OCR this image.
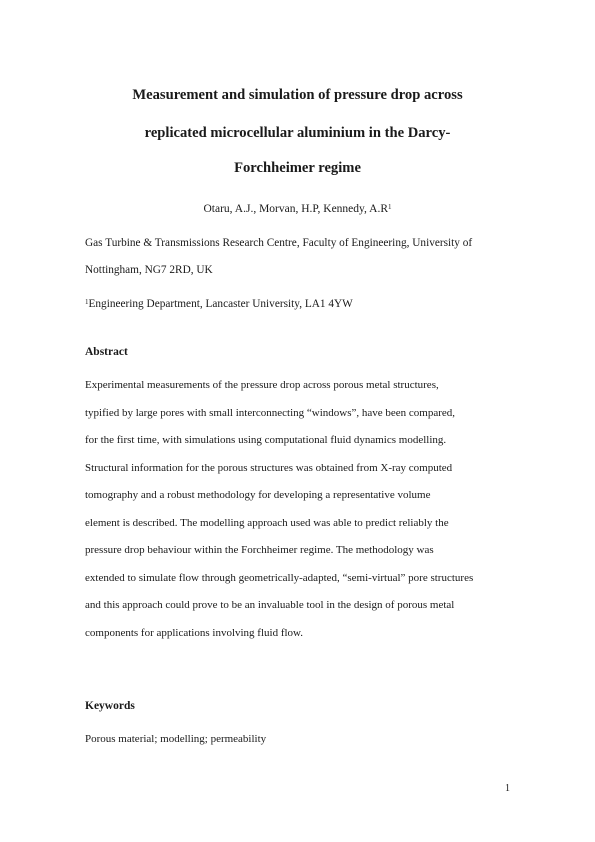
Measurement and simulation of pressure drop across
replicated microcellular aluminium in the Darcy-
Forchheimer regime
Otaru, A.J., Morvan, H.P, Kennedy, $A.R^1$
Gas Turbine & Transmissions Research Centre, Faculty of Engineering, University of
Nottingham, NG7 2RD, UK
$^1$Engineering Department, Lancaster University, LA1 4YW
Abstract
Experimental measurements of the pressure drop across porous metal structures,
typified by large pores with small interconnecting “windows”, have been compared,
for the first time, with simulations using computational fluid dynamics modelling.
Structural information for the porous structures was obtained from X-ray computed
tomography and a robust methodology for developing a representative volume
element is described. The modelling approach used was able to predict reliably the
pressure drop behaviour within the Forchheimer regime. The methodology was
extended to simulate flow through geometrically-adapted, “semi-virtual” pore structures
and this approach could prove to be an invaluable tool in the design of porous metal
components for applications involving fluid flow.
Keywords
Porous material; modelling; permeability
1
